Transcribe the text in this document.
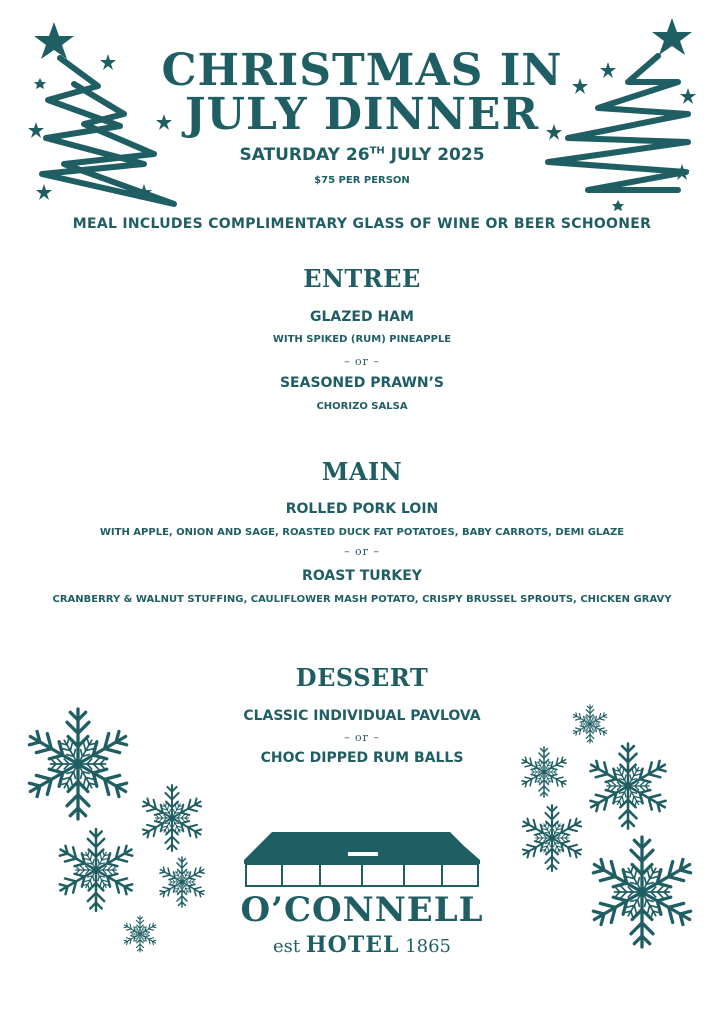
CHRISTMAS IN
JULY DINNER
SATURDAY 26TH JULY 2025
$75 PER PERSON
MEAL INCLUDES COMPLIMENTARY GLASS OF WINE OR BEER SCHOONER
ENTREE
GLAZED HAM
WITH SPIKED (RUM) PINEAPPLE
– or –
SEASONED PRAWN’S
CHORIZO SALSA
MAIN
ROLLED PORK LOIN
WITH APPLE, ONION AND SAGE, ROASTED DUCK FAT POTATOES, BABY CARROTS, DEMI GLAZE
– or –
ROAST TURKEY
CRANBERRY & WALNUT STUFFING, CAULIFLOWER MASH POTATO, CRISPY BRUSSEL SPROUTS, CHICKEN GRAVY
DESSERT
CLASSIC INDIVIDUAL PAVLOVA
– or –
CHOC DIPPED RUM BALLS
O’CONNELL
est HOTEL 1865
